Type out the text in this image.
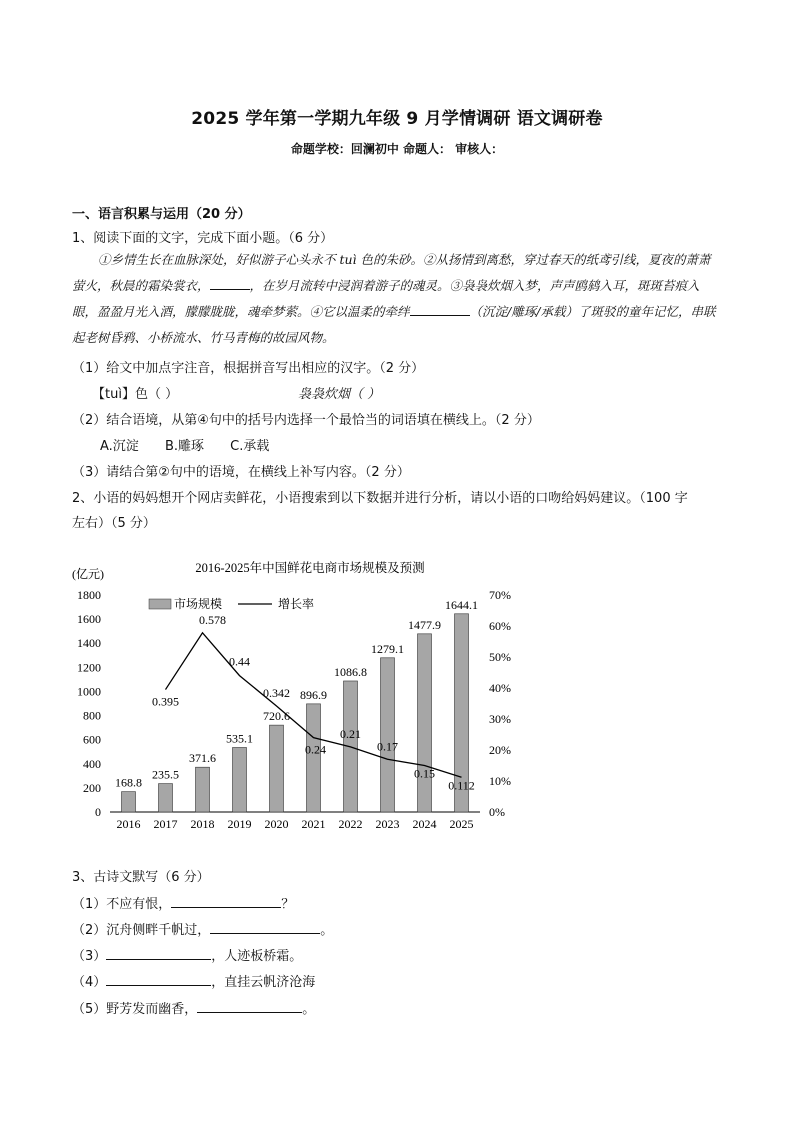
2025 学年第一学期九年级 9 月学情调研 语文调研卷
命题学校：回澜初中 命题人： 审核人：
一、语言积累与运用（20 分）
1、阅读下面的文字，完成下面小题。（6 分）

①乡情生长在血脉深处，好似游子心头永不 tuì 色的朱砂。②从扬情到离愁，穿过春天的纸鸢引线，夏夜的萧萧萤火，秋晨的霜染裳衣，	，在岁月流转中浸润着游子的魂灵。③袅袅炊烟入梦，声声鸥鸫入耳，斑斑苔痕入眼，盈盈月光入酒，朦朦胧胧，魂牵梦萦。④它以温柔的牵绊	（沉淀/雕琢/承载）了斑驳的童年记忆，串联起老树昏鸦、小桥流水、竹马青梅的故园风物。

（1）给文中加点字注音，根据拼音写出相应的汉字。（2 分）
【tuì】色（ ）	袅袅炊烟（ ）
（2）结合语境，从第④句中的括号内选择一个最恰当的词语填在横线上。（2 分）
A.沉淀 B.雕琢 C.承载
（3）请结合第②句中的语境，在横线上补写内容。（2 分）
2、小语的妈妈想开个网店卖鲜花，小语搜索到以下数据并进行分析，请以小语的口吻给妈妈建议。（100 字
左右）（5 分）
2016-2025年中国鲜花电商市场规模及预测
(亿元)
0
200
400
600
800
1000
1200
1400
1600
1800
0%
10%
20%
30%
40%
50%
60%
70%
2016 2017 2018 2019 2020 2021 2022 2023 2024 2025
168.8
235.5
371.6
535.1
720.6
896.9
1086.8
1279.1
1477.9
1644.1
0.395
0.578
0.44
0.342
0.24
0.21
0.17
0.15
0.112
市场规模	增长率
3、古诗文默写（6 分）
（1）不应有恨，	？
（2）沉舟侧畔千帆过，	。
（3）	，人迹板桥霜。
（4）	，直挂云帆济沧海
（5）野芳发而幽香，	。
